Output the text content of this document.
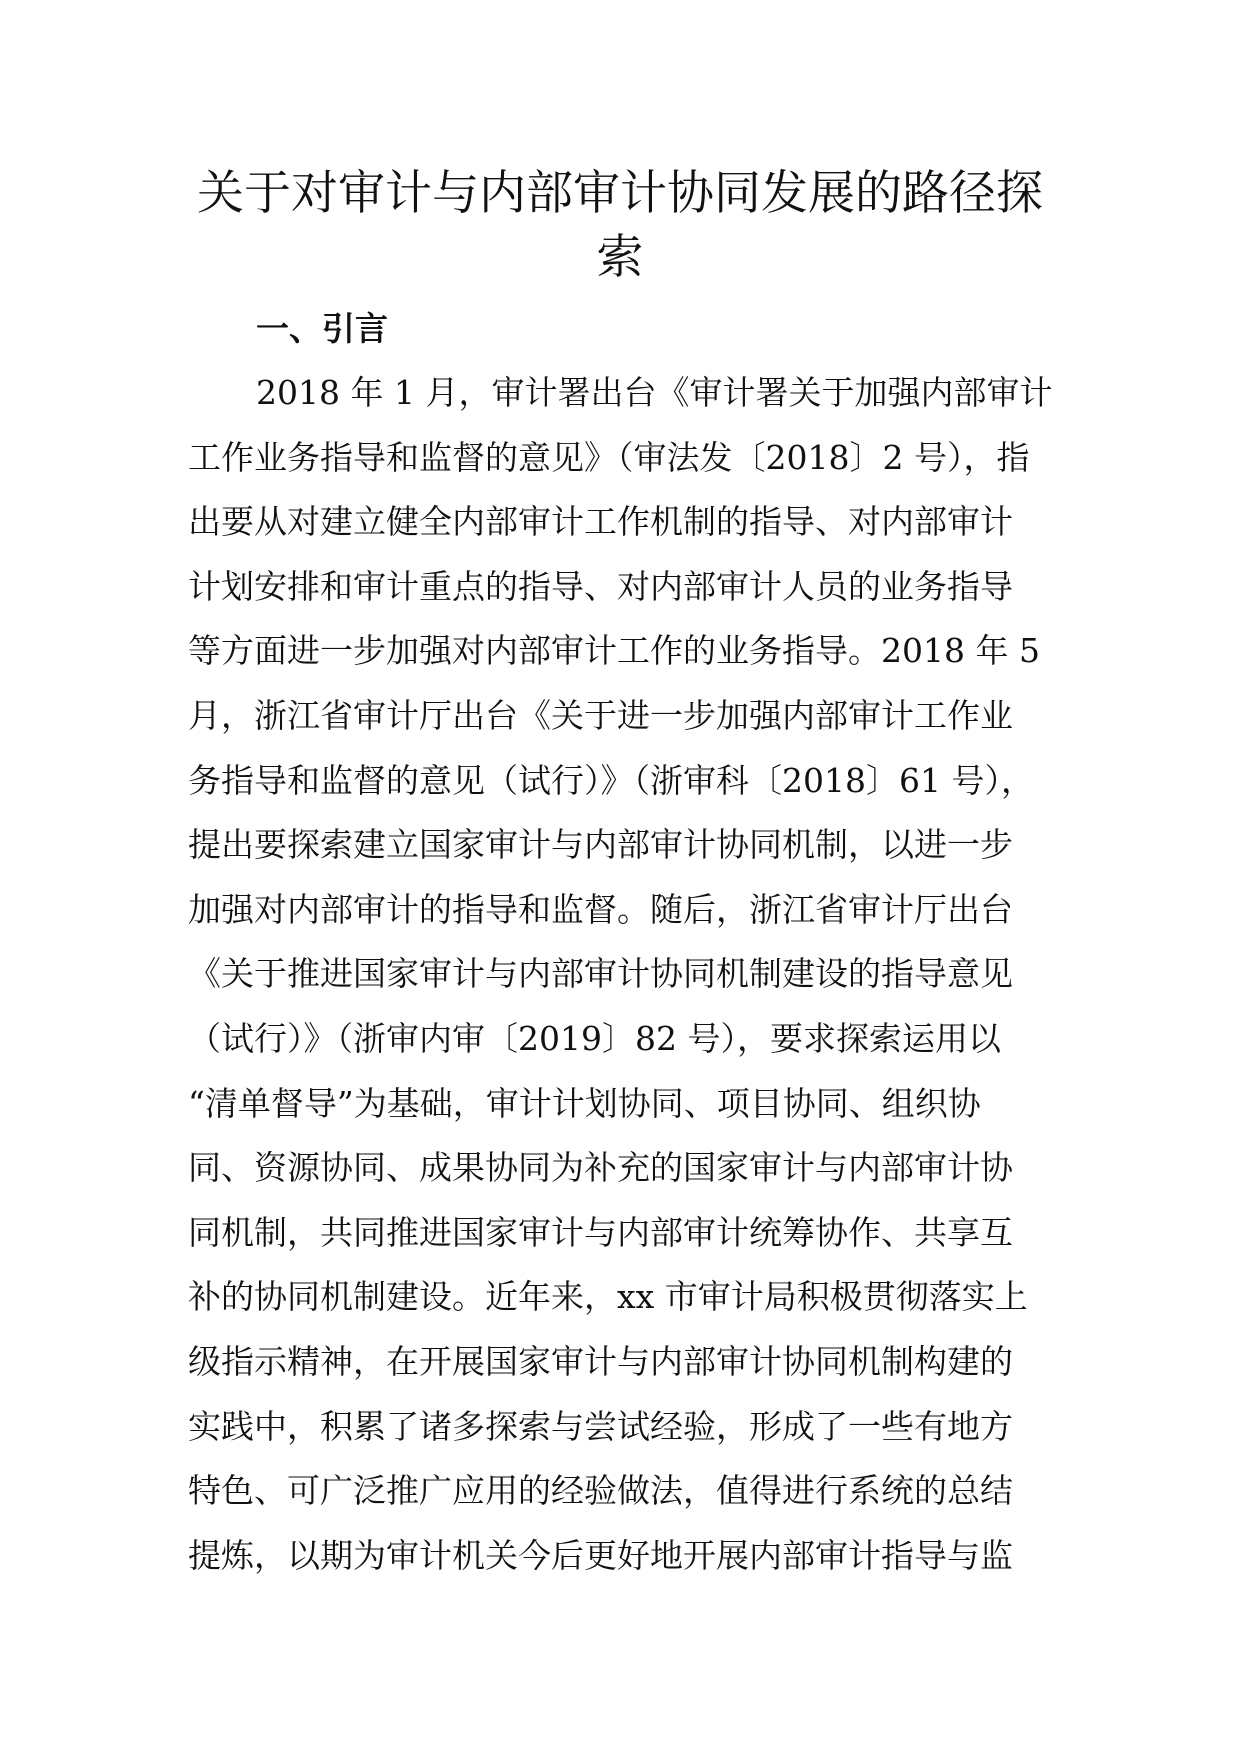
关于对审计与内部审计协同发展的路径探
索
一、引言
2018 年 1 月，审计署出台《审计署关于加强内部审计
工作业务指导和监督的意见》（审法发〔2018〕2 号），指
出要从对建立健全内部审计工作机制的指导、对内部审计
计划安排和审计重点的指导、对内部审计人员的业务指导
等方面进一步加强对内部审计工作的业务指导。2018 年 5
月，浙江省审计厅出台《关于进一步加强内部审计工作业
务指导和监督的意见（试行）》（浙审科〔2018〕61 号），
提出要探索建立国家审计与内部审计协同机制，以进一步
加强对内部审计的指导和监督。随后，浙江省审计厅出台
《关于推进国家审计与内部审计协同机制建设的指导意见
（试行）》（浙审内审〔2019〕82 号），要求探索运用以
“清单督导”为基础，审计计划协同、项目协同、组织协
同、资源协同、成果协同为补充的国家审计与内部审计协
同机制，共同推进国家审计与内部审计统筹协作、共享互
补的协同机制建设。近年来，xx 市审计局积极贯彻落实上
级指示精神，在开展国家审计与内部审计协同机制构建的
实践中，积累了诸多探索与尝试经验，形成了一些有地方
特色、可广泛推广应用的经验做法，值得进行系统的总结
提炼，以期为审计机关今后更好地开展内部审计指导与监
